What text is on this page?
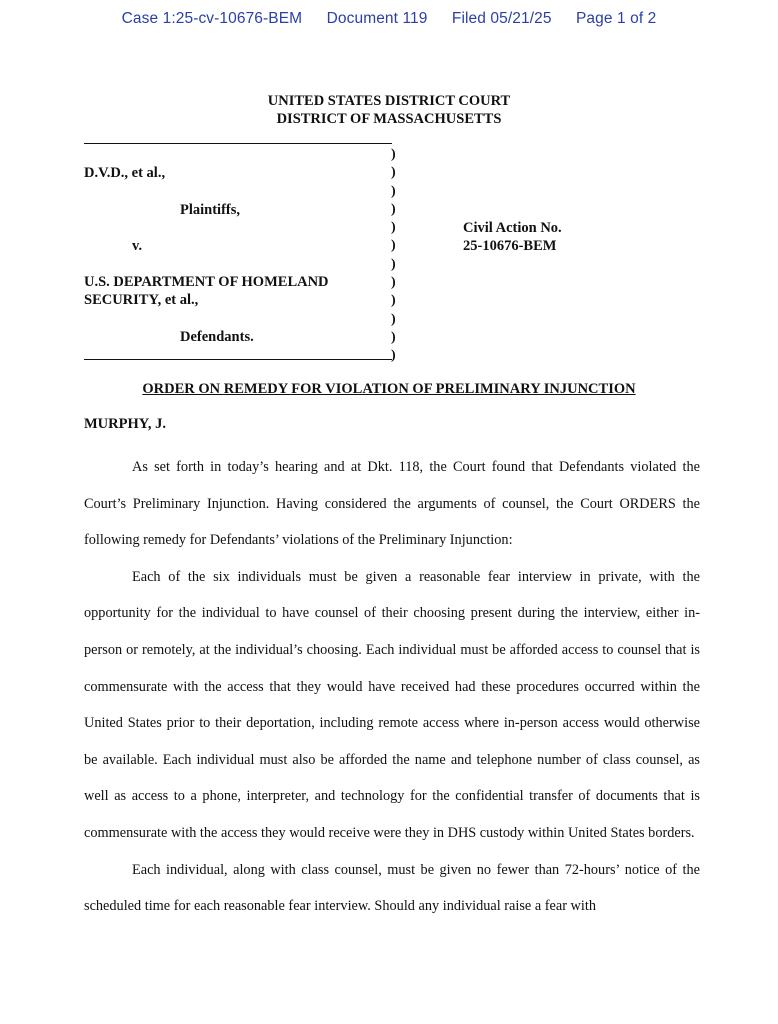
Case 1:25-cv-10676-BEM Document 119 Filed 05/21/25 Page 1 of 2
UNITED STATES DISTRICT COURT
DISTRICT OF MASSACHUSETTS
)
)
)
)
)
)
)
)
)
)
)
)
D.V.D., et al.,
Plaintiffs,
v.
U.S. DEPARTMENT OF HOMELAND
SECURITY, et al.,
Defendants.
Civil Action No.
25-10676-BEM
ORDER ON REMEDY FOR VIOLATION OF PRELIMINARY INJUNCTION
MURPHY, J.

As set forth in today’s hearing and at Dkt. 118, the Court found that Defendants violated the Court’s Preliminary Injunction. Having considered the arguments of counsel, the Court ORDERS the following remedy for Defendants’ violations of the Preliminary Injunction:

Each of the six individuals must be given a reasonable fear interview in private, with the opportunity for the individual to have counsel of their choosing present during the interview, either in-person or remotely, at the individual’s choosing. Each individual must be afforded access to counsel that is commensurate with the access that they would have received had these procedures occurred within the United States prior to their deportation, including remote access where in-person access would otherwise be available. Each individual must also be afforded the name and telephone number of class counsel, as well as access to a phone, interpreter, and technology for the confidential transfer of documents that is commensurate with the access they would receive were they in DHS custody within United States borders.

Each individual, along with class counsel, must be given no fewer than 72-hours’ notice of the scheduled time for each reasonable fear interview. Should any individual raise a fear with
